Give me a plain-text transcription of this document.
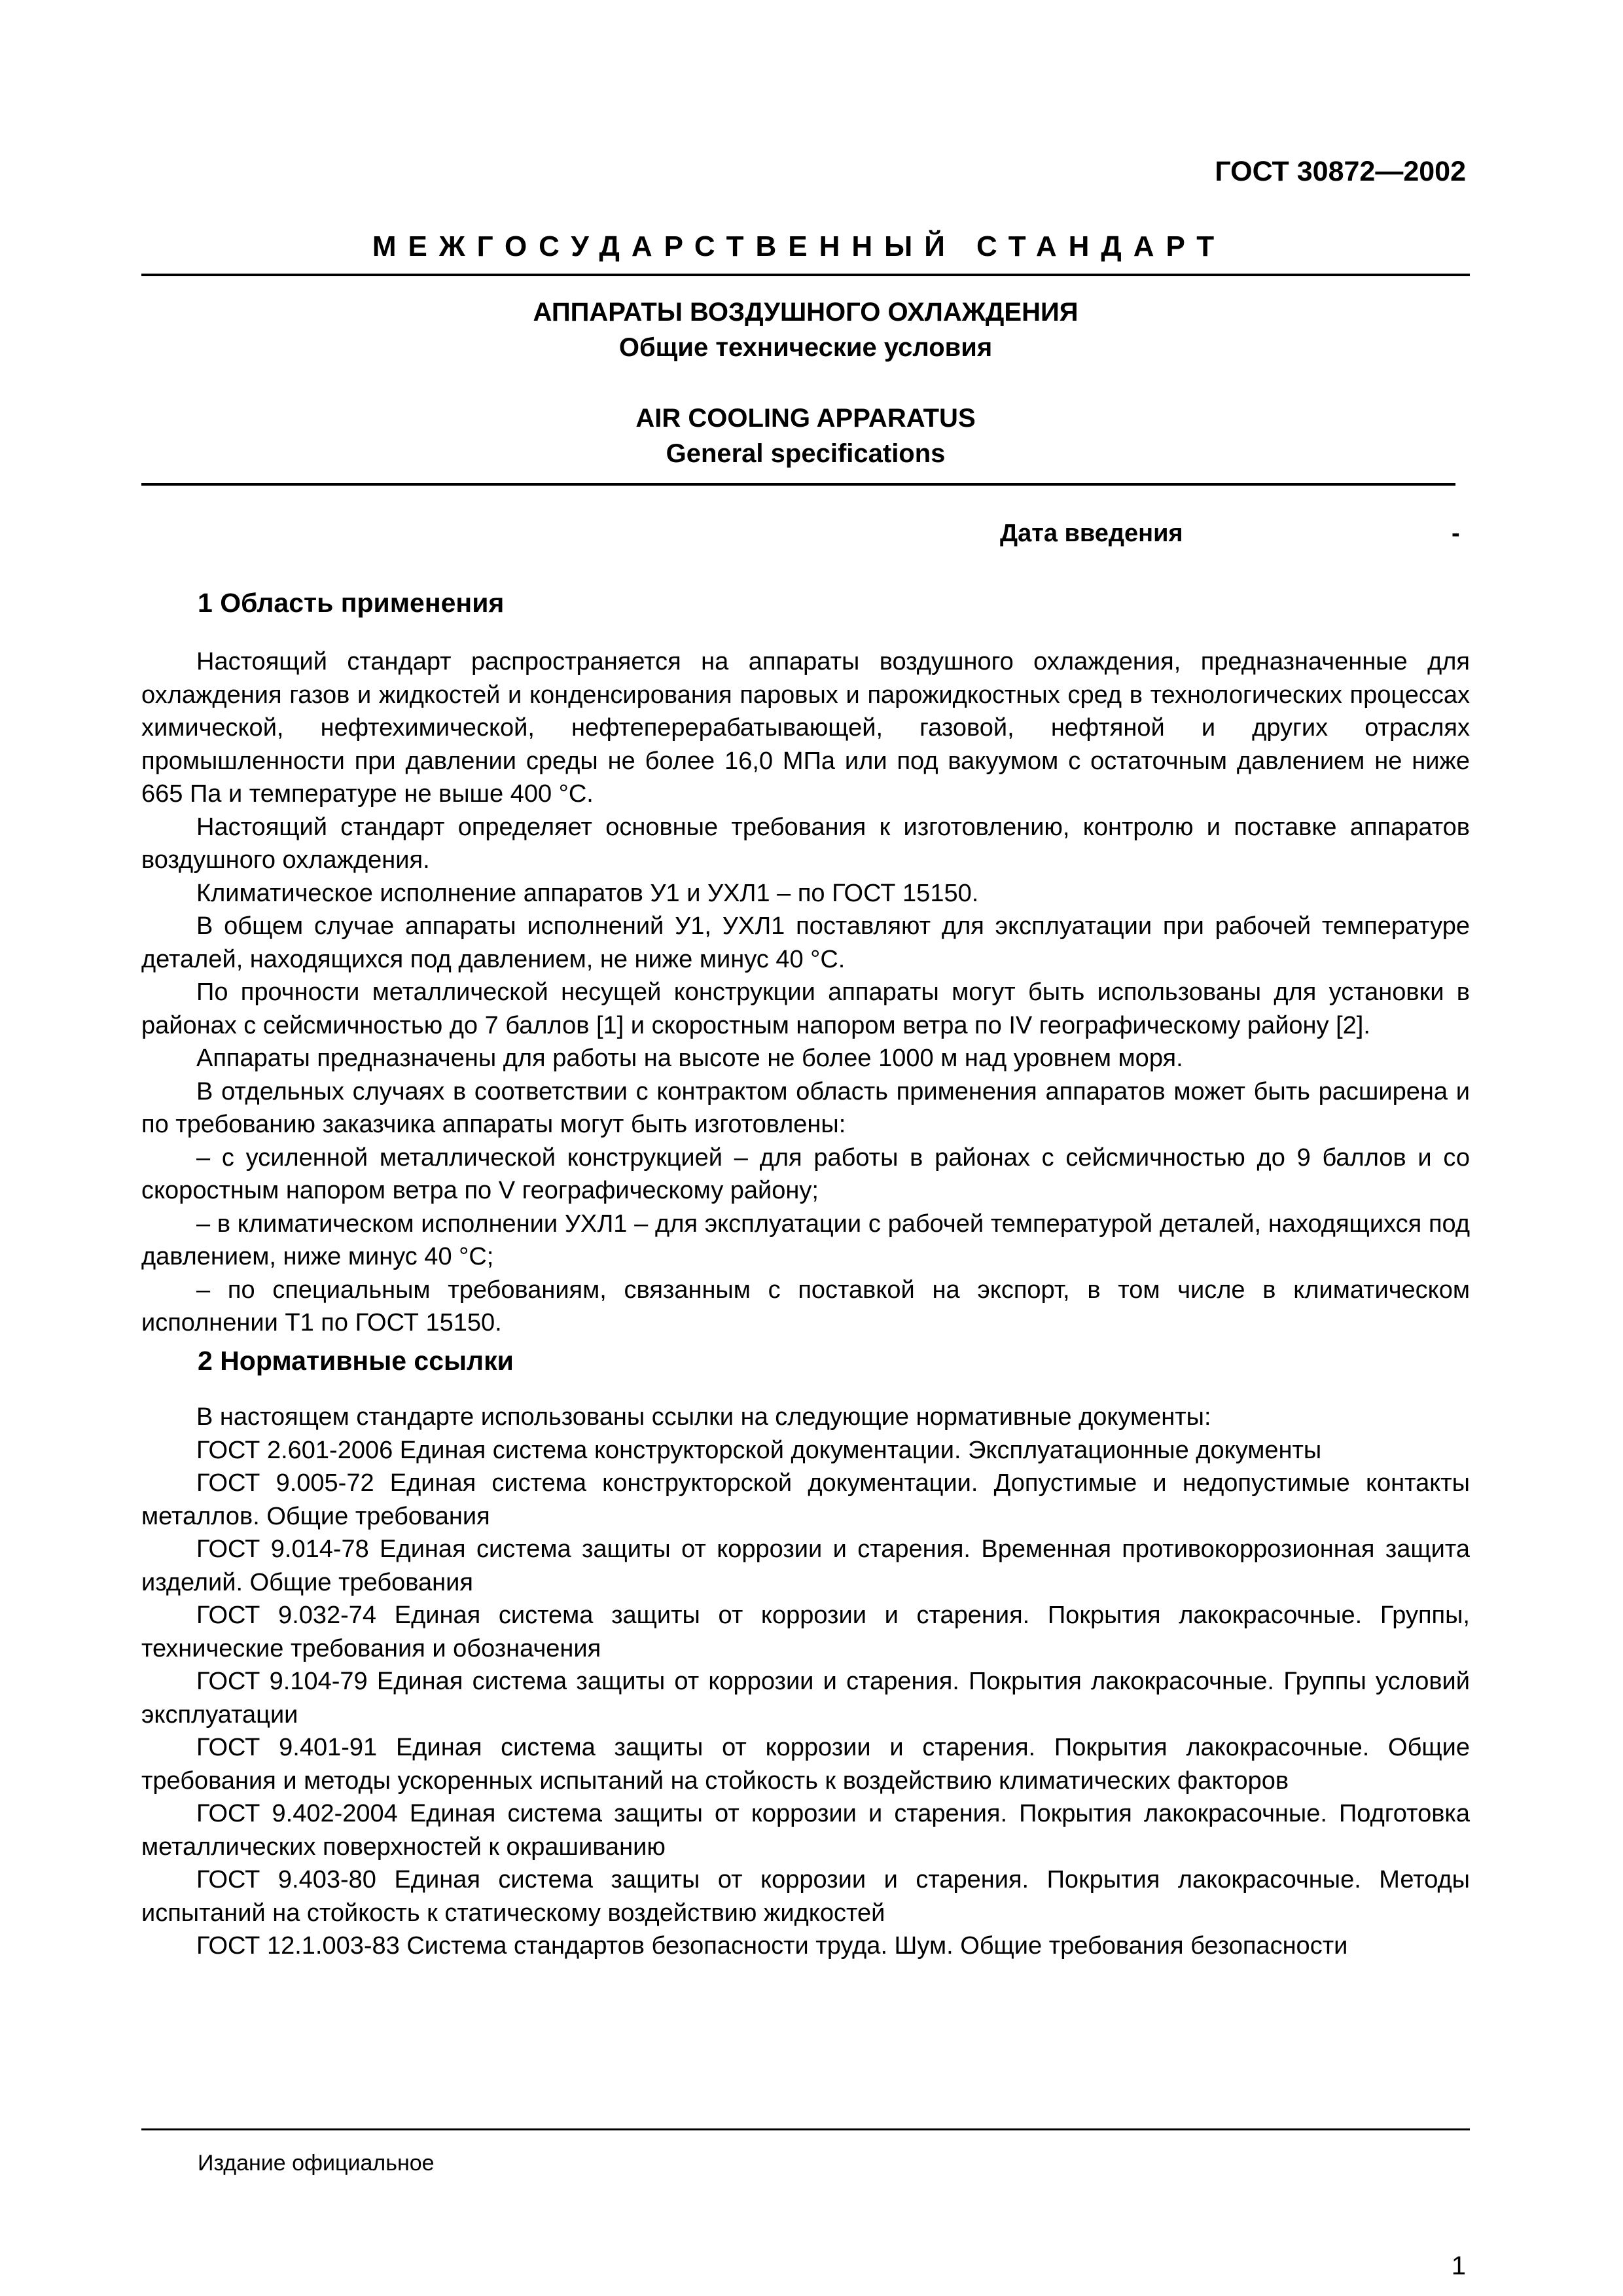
ГОСТ 30872—2002
МЕЖГОСУДАРСТВЕННЫЙ СТАНДАРТ
АППАРАТЫ ВОЗДУШНОГО ОХЛАЖДЕНИЯ
Общие технические условия
AIR COOLING APPARATUS
General specifications
Дата введения	-
1 Область применения

Настоящий стандарт распространяется на аппараты воздушного охлаждения, предназначенные для охлаждения газов и жидкостей и конденсирования паровых и парожидкостных сред в технологических процессах химической, нефтехимической, нефтеперерабатывающей, газовой, нефтяной и других отраслях промышленности при давлении среды не более 16,0 МПа или под вакуумом с остаточным давлением не ниже 665 Па и температуре не выше 400 °С.

Настоящий стандарт определяет основные требования к изготовлению, контролю и поставке аппаратов воздушного охлаждения.

Климатическое исполнение аппаратов У1 и УХЛ1 – по ГОСТ 15150.

В общем случае аппараты исполнений У1, УХЛ1 поставляют для эксплуатации при рабочей температуре деталей, находящихся под давлением, не ниже минус 40 °С.

По прочности металлической несущей конструкции аппараты могут быть использованы для установки в районах с сейсмичностью до 7 баллов [1] и скоростным напором ветра по IV географическому району [2].

Аппараты предназначены для работы на высоте не более 1000 м над уровнем моря.

В отдельных случаях в соответствии с контрактом область применения аппаратов может быть расширена и по требованию заказчика аппараты могут быть изготовлены:

– с усиленной металлической конструкцией – для работы в районах с сейсмичностью до 9 баллов и со скоростным напором ветра по V географическому району;

– в климатическом исполнении УХЛ1 – для эксплуатации с рабочей температурой деталей, находящихся под давлением, ниже минус 40 °С;

– по специальным требованиям, связанным с поставкой на экспорт, в том числе в климатическом исполнении Т1 по ГОСТ 15150.

2 Нормативные ссылки

В настоящем стандарте использованы ссылки на следующие нормативные документы:

ГОСТ 2.601-2006 Единая система конструкторской документации. Эксплуатационные документы

ГОСТ 9.005-72 Единая система конструкторской документации. Допустимые и недопустимые контакты металлов. Общие требования

ГОСТ 9.014-78 Единая система защиты от коррозии и старения. Временная противокоррозионная защита изделий. Общие требования

ГОСТ 9.032-74 Единая система защиты от коррозии и старения. Покрытия лакокрасочные. Группы, технические требования и обозначения

ГОСТ 9.104-79 Единая система защиты от коррозии и старения. Покрытия лакокрасочные. Группы условий эксплуатации

ГОСТ 9.401-91 Единая система защиты от коррозии и старения. Покрытия лакокрасочные. Общие требования и методы ускоренных испытаний на стойкость к воздействию климатических факторов

ГОСТ 9.402-2004 Единая система защиты от коррозии и старения. Покрытия лакокрасочные. Подготовка металлических поверхностей к окрашиванию

ГОСТ 9.403-80 Единая система защиты от коррозии и старения. Покрытия лакокрасочные. Методы испытаний на стойкость к статическому воздействию жидкостей

ГОСТ 12.1.003-83 Система стандартов безопасности труда. Шум. Общие требования безопасности

Издание официальное
1
